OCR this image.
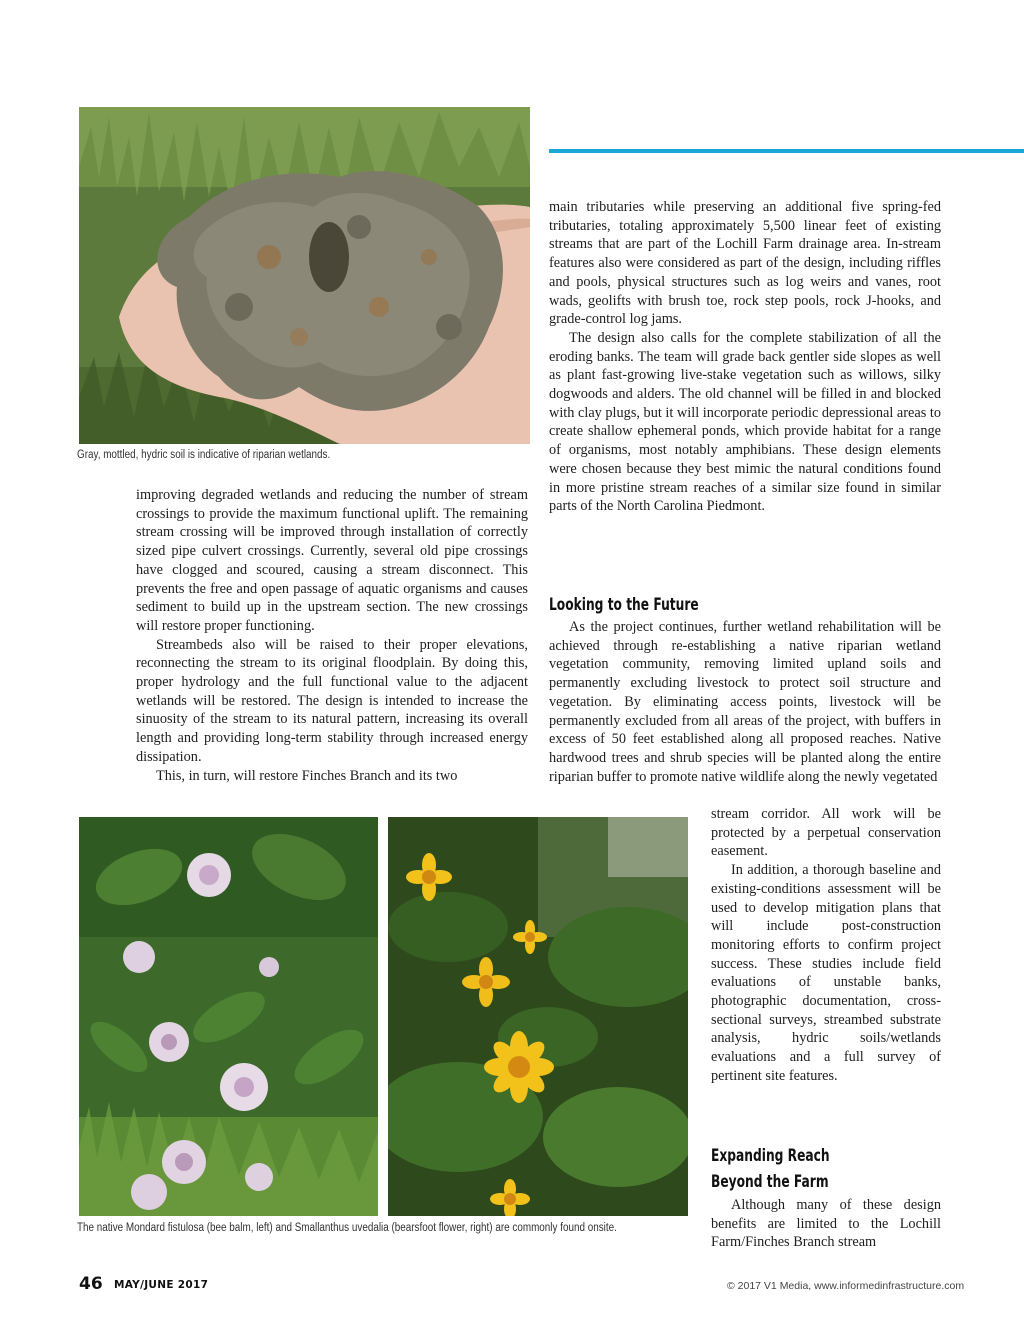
Gray, mottled, hydric soil is indicative of riparian wetlands.

improving degraded wetlands and reducing the number of stream crossings to provide the maximum functional uplift. The remaining stream crossing will be improved through installation of correctly sized pipe culvert crossings. Currently, several old pipe crossings have clogged and scoured, causing a stream disconnect. This prevents the free and open passage of aquatic organisms and causes sediment to build up in the upstream section. The new crossings will restore proper functioning.

Streambeds also will be raised to their proper elevations, reconnecting the stream to its original floodplain. By doing this, proper hydrology and the full functional value to the adjacent wetlands will be restored. The design is intended to increase the sinuosity of the stream to its natural pattern, increasing its overall length and providing long-term stability through increased energy dissipation.

This, in turn, will restore Finches Branch and its two

main tributaries while preserving an additional five spring-fed tributaries, totaling approximately 5,500 linear feet of existing streams that are part of the Lochill Farm drainage area. In-stream features also were considered as part of the design, including riffles and pools, physical structures such as log weirs and vanes, root wads, geolifts with brush toe, rock step pools, rock J-hooks, and grade-control log jams.

The design also calls for the complete stabilization of all the eroding banks. The team will grade back gentler side slopes as well as plant fast-growing live-stake vegetation such as willows, silky dogwoods and alders. The old channel will be filled in and blocked with clay plugs, but it will incorporate periodic depressional areas to create shallow ephemeral ponds, which provide habitat for a range of organisms, most notably amphibians. These design elements were chosen because they best mimic the natural conditions found in more pristine stream reaches of a similar size found in similar parts of the North Carolina Piedmont.

Looking to the Future

As the project continues, further wetland rehabilitation will be achieved through re-establishing a native riparian wetland vegetation community, removing limited upland soils and permanently excluding livestock to protect soil structure and vegetation. By eliminating access points, livestock will be permanently excluded from all areas of the project, with buffers in excess of 50 feet established along all proposed reaches. Native hardwood trees and shrub species will be planted along the entire riparian buffer to promote native wildlife along the newly vegetated

stream corridor. All work will be protected by a perpetual conservation easement.

In addition, a thorough baseline and existing-conditions assessment will be used to develop mitigation plans that will include post-construction monitoring efforts to confirm project success. These studies include field evaluations of unstable banks, photographic documentation, cross-sectional surveys, streambed substrate analysis, hydric soils/wetlands evaluations and a full survey of pertinent site features.

Expanding Reach
Beyond the Farm

Although many of these design benefits are limited to the Lochill Farm/Finches Branch stream

The native Mondard fistulosa (bee balm, left) and Smallanthus uvedalia (bearsfoot flower, right) are commonly found onsite.
46 MAY/JUNE 2017	© 2017 V1 Media, www.informedinfrastructure.com
